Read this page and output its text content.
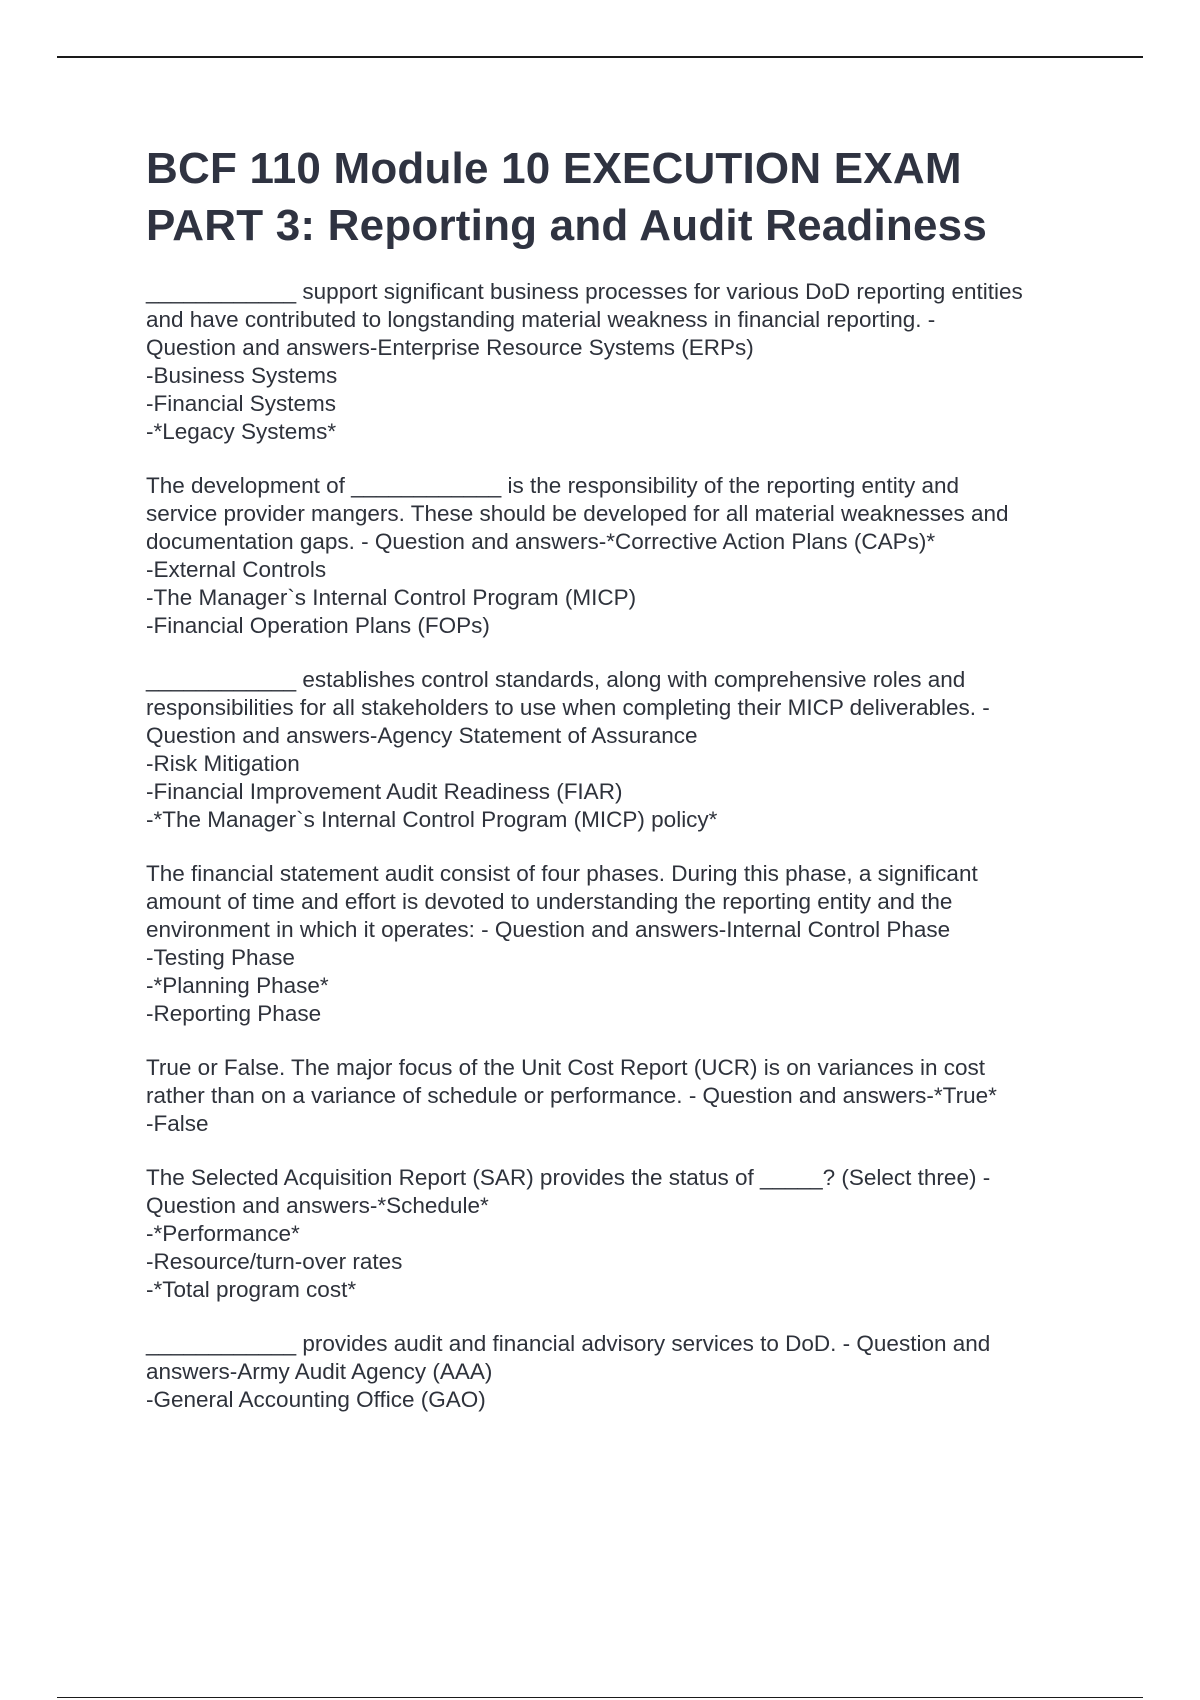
BCF 110 Module 10 EXECUTION EXAM
PART 3: Reporting and Audit Readiness
____________ support significant business processes for various DoD reporting entities
and have contributed to longstanding material weakness in financial reporting. -
Question and answers-Enterprise Resource Systems (ERPs)
-Business Systems
-Financial Systems
-*Legacy Systems*
The development of ____________ is the responsibility of the reporting entity and
service provider mangers. These should be developed for all material weaknesses and
documentation gaps. - Question and answers-*Corrective Action Plans (CAPs)*
-External Controls
-The Manager`s Internal Control Program (MICP)
-Financial Operation Plans (FOPs)
____________ establishes control standards, along with comprehensive roles and
responsibilities for all stakeholders to use when completing their MICP deliverables. -
Question and answers-Agency Statement of Assurance
-Risk Mitigation
-Financial Improvement Audit Readiness (FIAR)
-*The Manager`s Internal Control Program (MICP) policy*
The financial statement audit consist of four phases. During this phase, a significant
amount of time and effort is devoted to understanding the reporting entity and the
environment in which it operates: - Question and answers-Internal Control Phase
-Testing Phase
-*Planning Phase*
-Reporting Phase
True or False. The major focus of the Unit Cost Report (UCR) is on variances in cost
rather than on a variance of schedule or performance. - Question and answers-*True*
-False
The Selected Acquisition Report (SAR) provides the status of _____? (Select three) -
Question and answers-*Schedule*
-*Performance*
-Resource/turn-over rates
-*Total program cost*
____________ provides audit and financial advisory services to DoD. - Question and
answers-Army Audit Agency (AAA)
-General Accounting Office (GAO)
